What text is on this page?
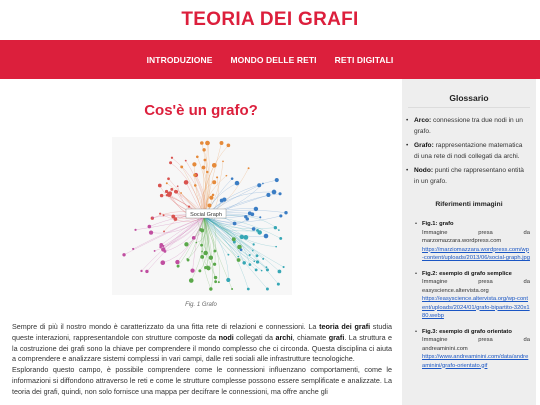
TEORIA DEI GRAFI
INTRODUZIONE MONDO DELLE RETI RETI DIGITALI
Cos'è un grafo?
Social Graph
Fig. 1 Grafo

Sempre di più il nostro mondo è caratterizzato da una fitta rete di relazioni e connessioni. La teoria dei grafi studia queste interazioni, rappresentandole con strutture composte da nodi collegati da archi, chiamate grafi. La struttura e la costruzione dei grafi sono la chiave per comprendere il mondo complesso che ci circonda. Questa disciplina ci aiuta a comprendere e analizzare sistemi complessi in vari campi, dalle reti sociali alle infrastrutture tecnologiche.

Esplorando questo campo, è possibile comprendere come le connessioni influenzano comportamenti, come le informazioni si diffondono attraverso le reti e come le strutture complesse possono essere semplificate e analizzate. La teoria dei grafi, quindi, non solo fornisce una mappa per decifrare le connessioni, ma offre anche gli

Glossario
• Arco: connessione tra due nodi in un grafo.
• Grafo: rappresentazione matematica di una rete di nodi collegati da archi.
• Nodo: punti che rappresentano entità in un grafo.
Riferimenti immagini
• Fig.1: grafo
Immagine	presa	da
marzomazzara.wordpress.com
https://marziomazzara.wordpress.com/wp-content/uploads/2013/06/social-graph.jpg
• Fig.2: esempio di grafo semplice
Immagine	presa	da
easyscience.altervista.org
https://easyscience.altervista.org/wp-content/uploads/2024/01/grafo-bipartito-320x180.webp
• Fig.3: esempio di grafo orientato
Immagine	presa	da
andreaminini.com
https://www.andreaminini.com/data/andreaminini/grafo-orientato.gif
